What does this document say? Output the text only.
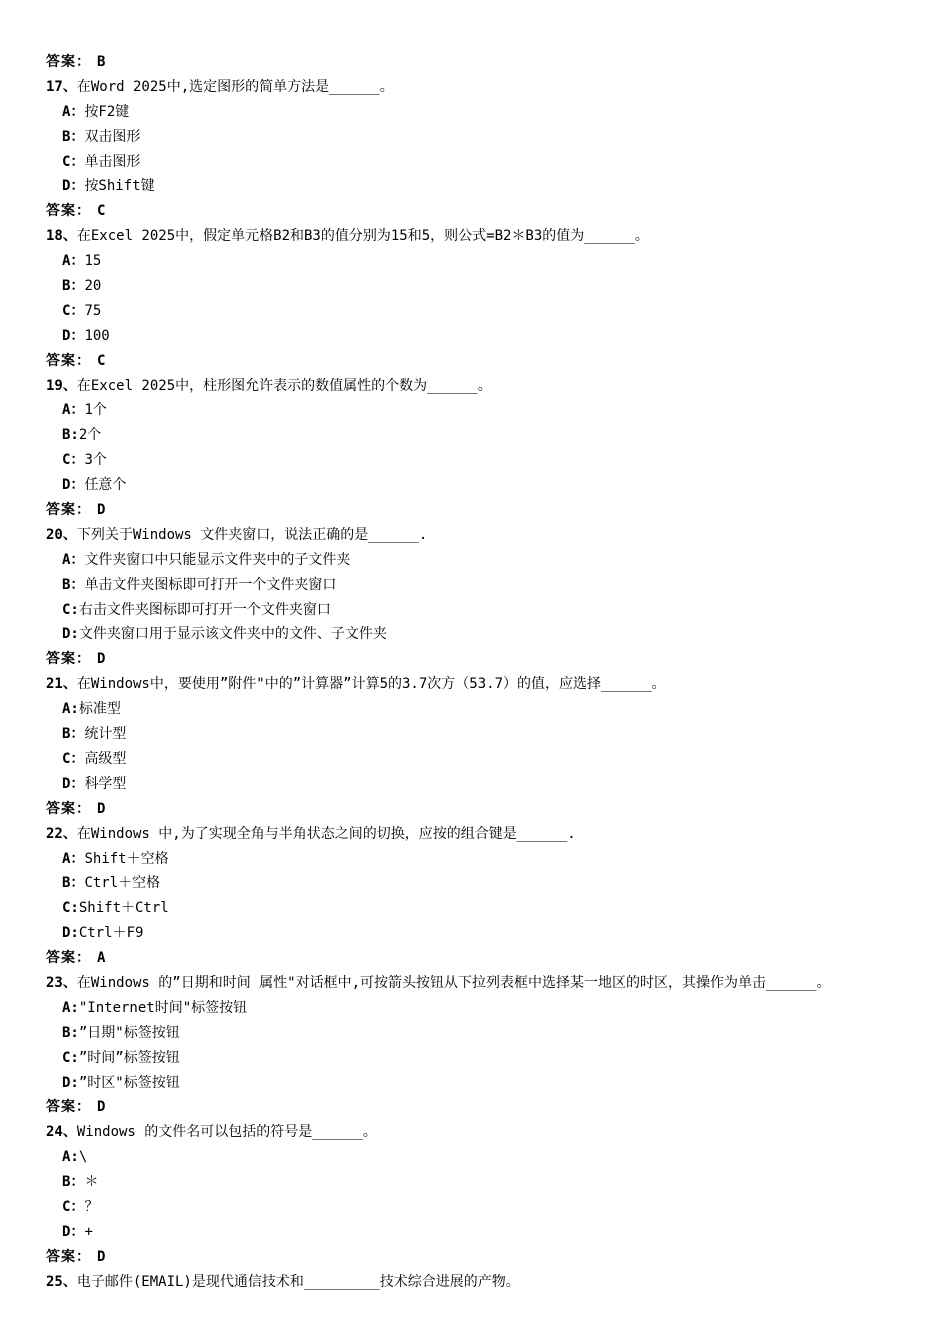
答案： B
17、在Word 2025中,选定图形的简单方法是______。
A：按F2键
B：双击图形
C：单击图形
D：按Shift键
答案： C
18、在Excel 2025中，假定单元格B2和B3的值分别为15和5，则公式=B2＊B3的值为______。
A：15
B：20
C：75
D：100
答案： C
19、在Excel 2025中，柱形图允许表示的数值属性的个数为______。
A：1个
B:2个
C：3个
D：任意个
答案： D
20、下列关于Windows 文件夹窗口，说法正确的是______.
A：文件夹窗口中只能显示文件夹中的子文件夹
B：单击文件夹图标即可打开一个文件夹窗口
C:右击文件夹图标即可打开一个文件夹窗口
D:文件夹窗口用于显示该文件夹中的文件、子文件夹
答案： D
21、在Windows中，要使用”附件"中的”计算器”计算5的3.7次方（53.7）的值，应选择______。
A:标准型
B：统计型
C：高级型
D：科学型
答案： D
22、在Windows 中,为了实现全角与半角状态之间的切换，应按的组合键是______.
A：Shift＋空格
B：Ctrl＋空格
C:Shift＋Ctrl
D:Ctrl＋F9
答案： A
23、在Windows 的”日期和时间 属性"对话框中,可按箭头按钮从下拉列表框中选择某一地区的时区，其操作为单击______。
A:"Internet时间"标签按钮
B:”日期"标签按钮
C:”时间”标签按钮
D:”时区"标签按钮
答案： D
24、Windows 的文件名可以包括的符号是______。
A:\
B：＊
C：？
D：+
答案： D
25、电子邮件(EMAIL)是现代通信技术和_________技术综合进展的产物。
